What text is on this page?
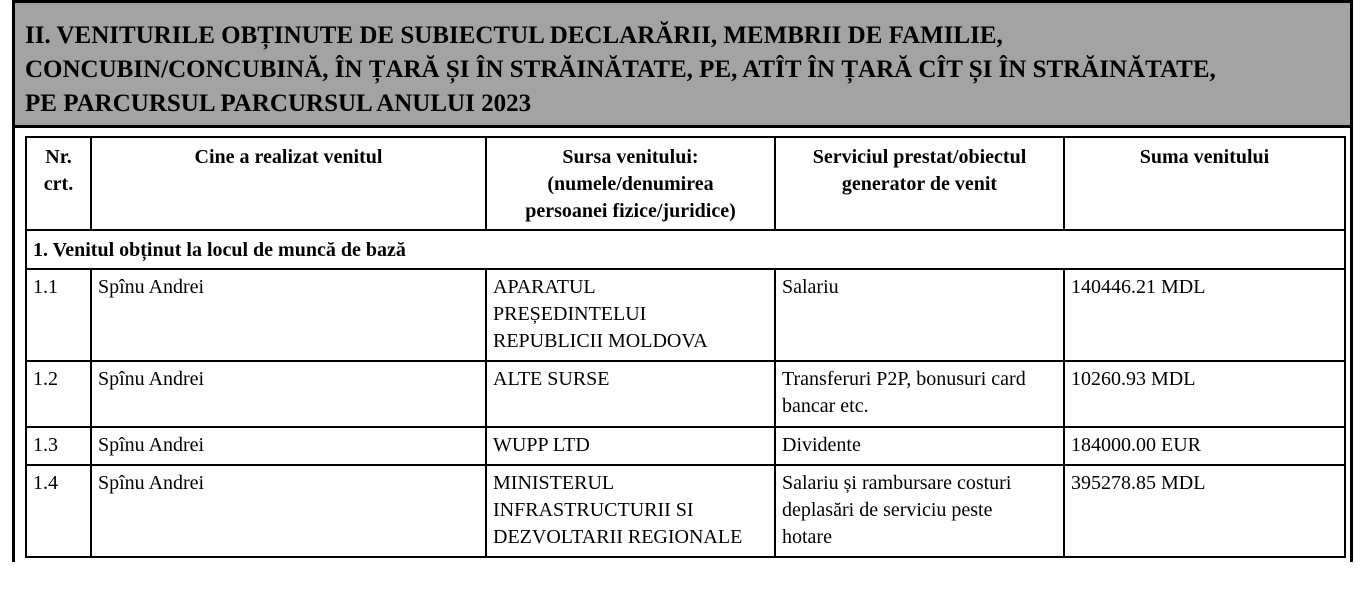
II. VENITURILE OBȚINUTE DE SUBIECTUL DECLARĂRII, MEMBRII DE FAMILIE,
CONCUBIN/CONCUBINĂ, ÎN ȚARĂ ȘI ÎN STRĂINĂTATE, PE, ATÎT ÎN ȚARĂ CÎT ȘI ÎN STRĂINĂTATE,
PE PARCURSUL PARCURSUL ANULUI 2023

Nr.
crt.	Cine a realizat venitul	Sursa venitului:
(numele/denumirea
persoanei fizice/juridice)	Serviciul prestat/obiectul
generator de venit	Suma venitului
1. Venitul obținut la locul de muncă de bază				
1.1	Spînu Andrei	APARATUL
PREȘEDINTELUI
REPUBLICII MOLDOVA	Salariu	140446.21 MDL
1.2	Spînu Andrei	ALTE SURSE	Transferuri P2P, bonusuri card
bancar etc.	10260.93 MDL
1.3	Spînu Andrei	WUPP LTD	Dividente	184000.00 EUR
1.4	Spînu Andrei	MINISTERUL
INFRASTRUCTURII SI
DEZVOLTARII REGIONALE	Salariu și rambursare costuri
deplasări de serviciu peste
hotare	395278.85 MDL
